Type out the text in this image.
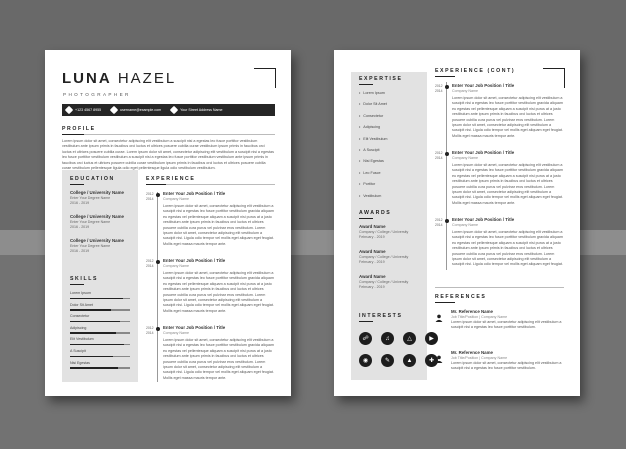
LUNA HAZEL
PHOTOGRAPHER
+123 4567 8955	username@example.com	Your Street Address Name
PROFILE
Lorem ipsum dolor sit amet, consectetur adipiscing elit vestibulum a suscipit nisi a egestas leo fusce porttitor vestibulum vestibulum ante ipsum primis in faucibus orci luctus et ultrices posuere cubilia curae vestibulum ipsum primis in faucibus orci luctus et ultrices posuere cubilia curae. Lorem ipsum dolor sit amet, consectetur adipiscing elit vestibulum a suscipit nisi a egestas leo fusce porttitor vestibulum vestibulum a suscipit nisi a egestas leo fusce porttitor vestibulum vestibulum ante ipsum primis in faucibus orci luctus et ultrices posuere cubilia curae vestibulum ipsum primis in faucibus orci luctus et ultrices posuere cubilia curae vestibulum pellentesque ligula odio eget pellentesque ligula odio vestibulum vestibulum.
EDUCATION
College / University Name
Enter Your Degree Name
2016 - 2019
College / University Name
Enter Your Degree Name
2016 - 2019
College / University Name
Enter Your Degree Name
2016 - 2019
SKILLS
EXPERIENCE
Lorem Ipsum
Dolor Sit Amet
Consectetur
Adipiscing
Elit Vestibulum
A Suscipit
Nisi Egestas
2012
2014
Enter Your Job Position / Title
Company Name
Lorem ipsum dolor sit amet, consectetur adipiscing elit vestibulum a suscipit nisi a egestas leo fusce porttitor vestibulum gravida aliquam eu egestas vel pellentesque aliquam a suscipit nisi purus at a justo vestibulum ante ipsum primis in faucibus orci luctus et ultrices posuere cubilia cura purus vel pulvinar eros vestibulum. Lorem ipsum dolor sit amet, consectetur adipiscing elit vestibulum a suscipit nisi. Ligula odio tempor vel mollis eget aliquam eget feugiat. Mollis eget massa mauris tempor ante.
2012
2014
Enter Your Job Position / Title
Company Name
Lorem ipsum dolor sit amet, consectetur adipiscing elit vestibulum a suscipit nisi a egestas leo fusce porttitor vestibulum gravida aliquam eu egestas vel pellentesque aliquam a suscipit nisi purus at a justo vestibulum ante ipsum primis in faucibus orci luctus et ultrices posuere cubilia cura purus vel pulvinar eros vestibulum. Lorem ipsum dolor sit amet, consectetur adipiscing elit vestibulum a suscipit nisi. Ligula odio tempor vel mollis eget aliquam eget feugiat. Mollis eget massa mauris tempor ante.
2012
2014
Enter Your Job Position / Title
Company Name
Lorem ipsum dolor sit amet, consectetur adipiscing elit vestibulum a suscipit nisi a egestas leo fusce porttitor vestibulum gravida aliquam eu egestas vel pellentesque aliquam a suscipit nisi purus at a justo vestibulum ante ipsum primis in faucibus orci luctus et ultrices posuere cubilia cura purus vel pulvinar eros vestibulum. Lorem ipsum dolor sit amet, consectetur adipiscing elit vestibulum a suscipit nisi. Ligula odio tempor vel mollis eget aliquam eget feugiat. Mollis eget massa mauris tempor ante.
EXPERTISE
• Lorem Ipsum
• Dolor Sit Amet
• Consectetur
• Adipiscing
• Elit Vestibulum
• A Suscipit
• Nisi Egestas
• Leo Fusce
• Portitor
• Vestibulum
AWARDS
Award Name
Company / College / University
February - 2019
Award Name
Company / College / University
February - 2019
Award Name
Company / College / University
February - 2019
INTERESTS
☍	♫	△	▶
◉	✎	▲	✚
EXPERIENCE (CONT)
REFERENCES
Mr. Reference Name
Job Title/Position | Company Name
Lorem ipsum dolor sit amet, consectetur adipiscing elit vestibulum a suscipit nisi a egestas leo fusce porttitor vestibulum.
Mr. Reference Name
Job Title/Position | Company Name
Lorem ipsum dolor sit amet, consectetur adipiscing elit vestibulum a suscipit nisi a egestas leo fusce porttitor vestibulum.
2012
2014
Enter Your Job Position / Title
Company Name
Lorem ipsum dolor sit amet, consectetur adipiscing elit vestibulum a suscipit nisi a egestas leo fusce porttitor vestibulum gravida aliquam eu egestas vel pellentesque aliquam a suscipit nisi purus at a justo vestibulum ante ipsum primis in faucibus orci luctus et ultrices posuere cubilia cura purus vel pulvinar eros vestibulum. Lorem ipsum dolor sit amet, consectetur adipiscing elit vestibulum a suscipit nisi. Ligula odio tempor vel mollis eget aliquam eget feugiat. Mollis eget massa mauris tempor ante.
2012
2014
Enter Your Job Position / Title
Company Name
Lorem ipsum dolor sit amet, consectetur adipiscing elit vestibulum a suscipit nisi a egestas leo fusce porttitor vestibulum gravida aliquam eu egestas vel pellentesque aliquam a suscipit nisi purus at a justo vestibulum ante ipsum primis in faucibus orci luctus et ultrices posuere cubilia cura purus vel pulvinar eros vestibulum. Lorem ipsum dolor sit amet, consectetur adipiscing elit vestibulum a suscipit nisi. Ligula odio tempor vel mollis eget aliquam eget feugiat. Mollis eget massa mauris tempor ante.
2012
2014
Enter Your Job Position / Title
Company Name
Lorem ipsum dolor sit amet, consectetur adipiscing elit vestibulum a suscipit nisi a egestas leo fusce porttitor vestibulum gravida aliquam eu egestas vel pellentesque aliquam a suscipit nisi purus at a justo vestibulum ante ipsum primis in faucibus orci luctus et ultrices posuere cubilia cura purus vel pulvinar eros vestibulum. Lorem ipsum dolor sit amet, consectetur adipiscing elit vestibulum a suscipit nisi. Ligula odio tempor vel mollis eget aliquam eget feugiat.
